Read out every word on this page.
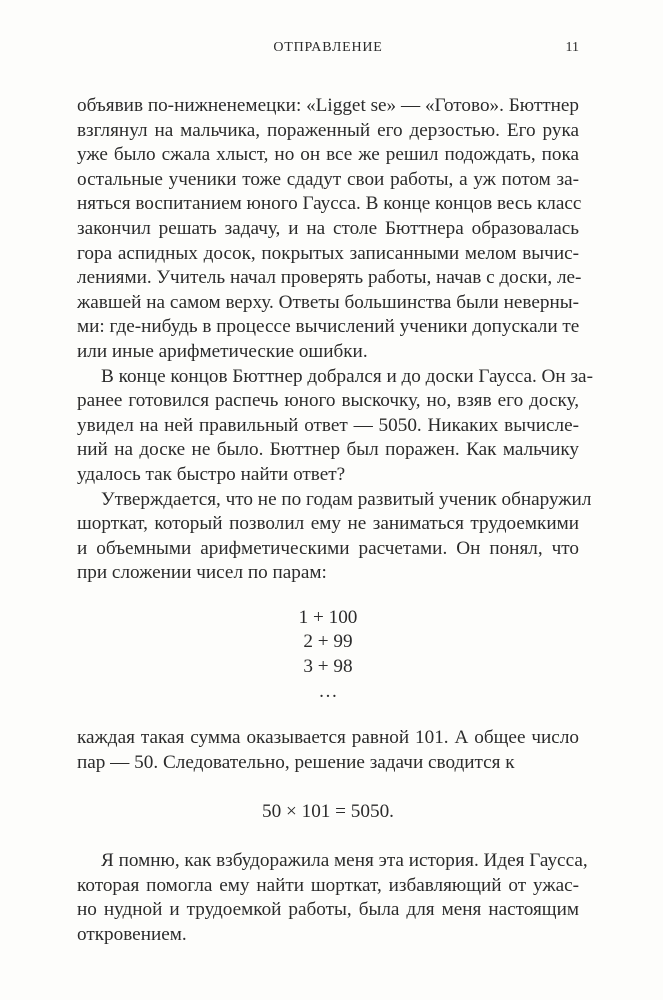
ОТПРАВЛЕНИЕ	11

объявив по-нижненемецки: «Ligget se» — «Готово». Бюттнер
взглянул на мальчика, пораженный его дерзостью. Его рука
уже было сжала хлыст, но он все же решил подождать, пока
остальные ученики тоже сдадут свои работы, а уж потом за-
няться воспитанием юного Гаусса. В конце концов весь класс
закончил решать задачу, и на столе Бюттнера образовалась
гора аспидных досок, покрытых записанными мелом вычис-
лениями. Учитель начал проверять работы, начав с доски, ле-
жавшей на самом верху. Ответы большинства были неверны-
ми: где-нибудь в процессе вычислений ученики допускали те
или иные арифметические ошибки.

В конце концов Бюттнер добрался и до доски Гаусса. Он за-
ранее готовился распечь юного выскочку, но, взяв его доску,
увидел на ней правильный ответ — 5050. Никаких вычисле-
ний на доске не было. Бюттнер был поражен. Как мальчику
удалось так быстро найти ответ?

Утверждается, что не по годам развитый ученик обнаружил
шорткат, который позволил ему не заниматься трудоемкими
и объемными арифметическими расчетами. Он понял, что
при сложении чисел по парам:

1 + 100
2 + 99
3 + 98
…

каждая такая сумма оказывается равной 101. А общее число
пар — 50. Следовательно, решение задачи сводится к

50 × 101 = 5050.

Я помню, как взбудоражила меня эта история. Идея Гаусса,
которая помогла ему найти шорткат, избавляющий от ужас-
но нудной и трудоемкой работы, была для меня настоящим
откровением.
